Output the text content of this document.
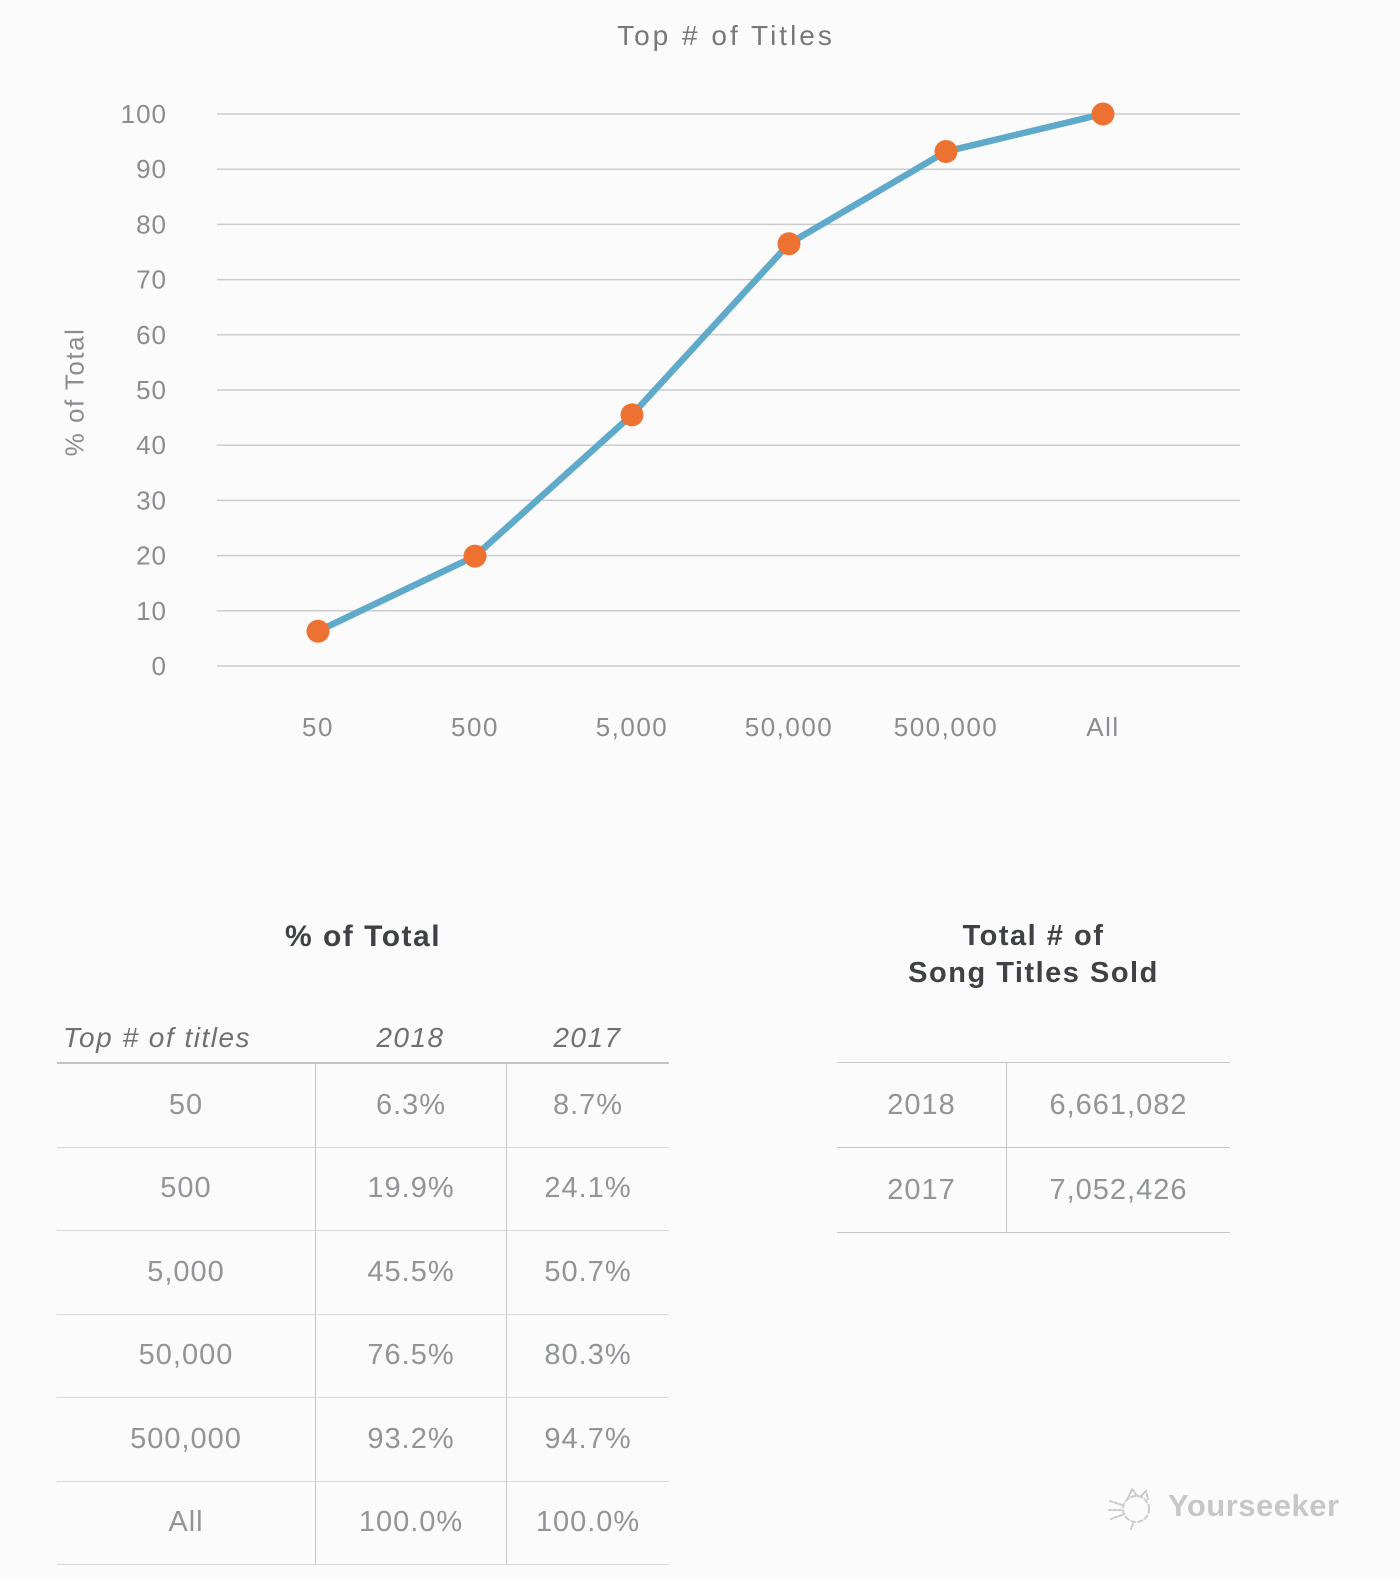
Top # of Titles
% of Total
0
10
20
30
40
50
60
70
80
90
100
50	500	5,000	50,000 500,000	All
% of Total
Top # of titles	2018	2017
50	6.3%	8.7%
500	19.9%	24.1%
5,000	45.5%	50.7%
50,000	76.5%	80.3%
500,000	93.2%	94.7%
All	100.0%	100.0%
Total # of
Song Titles Sold
2018	6,661,082
2017	7,052,426
Yourseeker
